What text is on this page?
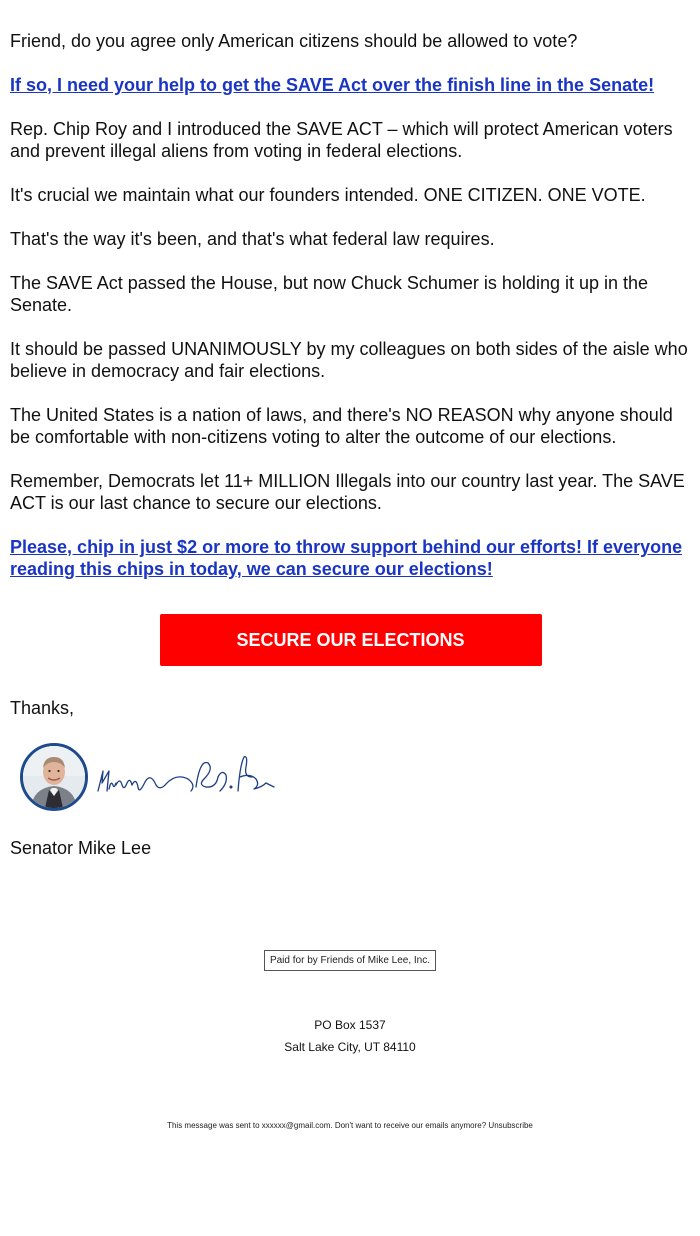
Friend, do you agree only American citizens should be allowed to vote?

If so, I need your help to get the SAVE Act over the finish line in the Senate!

Rep. Chip Roy and I introduced the SAVE ACT – which will protect American voters and prevent illegal aliens from voting in federal elections.

It's crucial we maintain what our founders intended. ONE CITIZEN. ONE VOTE.

That's the way it's been, and that's what federal law requires.

The SAVE Act passed the House, but now Chuck Schumer is holding it up in the Senate.

It should be passed UNANIMOUSLY by my colleagues on both sides of the aisle who believe in democracy and fair elections.

The United States is a nation of laws, and there's NO REASON why anyone should be comfortable with non-citizens voting to alter the outcome of our elections.

Remember, Democrats let 11+ MILLION Illegals into our country last year. The SAVE ACT is our last chance to secure our elections.

Please, chip in just $2 or more to throw support behind our efforts! If everyone reading this chips in today, we can secure our elections!

SECURE OUR ELECTIONS
Thanks,
Senator Mike Lee
Paid for by Friends of Mike Lee, Inc.
PO Box 1537
Salt Lake City, UT 84110
This message was sent to xxxxxx@gmail.com. Don't want to receive our emails anymore? Unsubscribe
